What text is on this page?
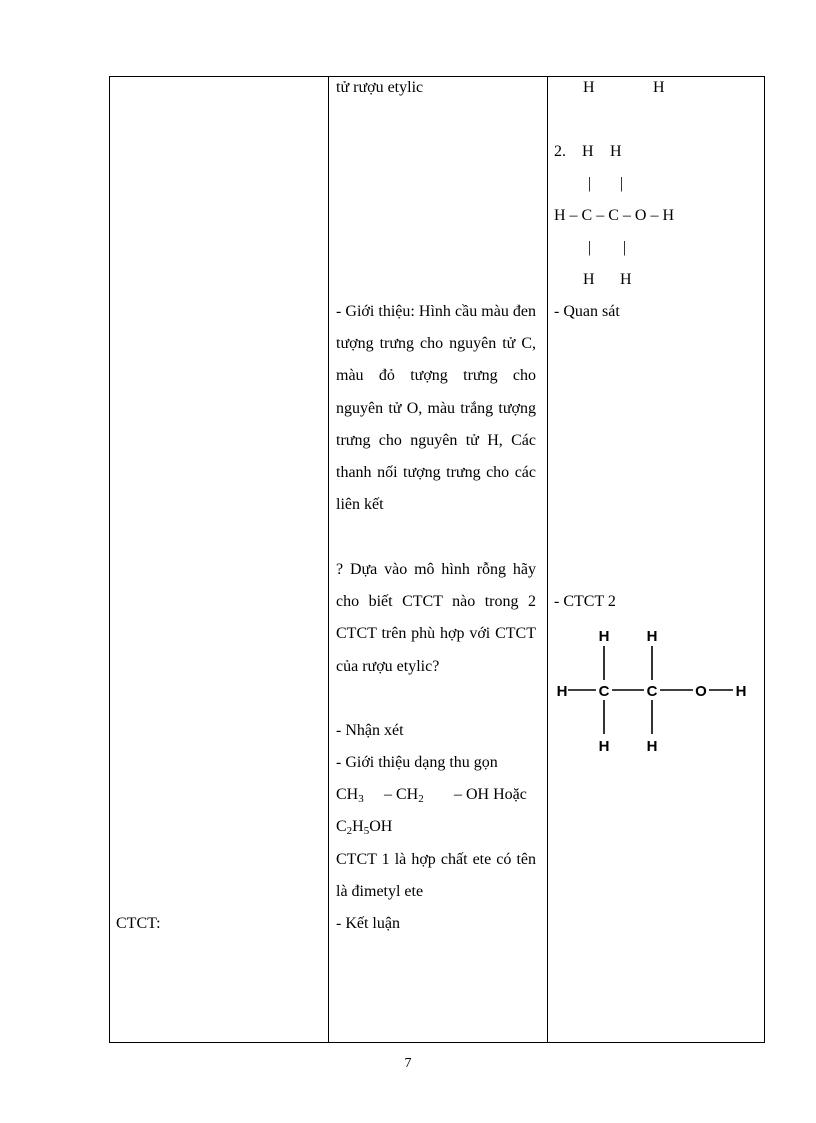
CTCT:
tử rượu etylic
- Giới thiệu: Hình cầu màu đen tượng trưng cho nguyên tử C, màu đỏ tượng trưng cho nguyên tử O, màu trắng tượng trưng cho nguyên tử H, Các thanh nối tượng trưng cho các liên kết
? Dựa vào mô hình rỗng hãy cho biết CTCT nào trong 2 CTCT trên phù hợp với CTCT của rượu etylic?
- Nhận xét
- Giới thiệu dạng thu gọn
$CH_3 - CH_2$ – OH Hoặc
$C_2H_5OH$
CTCT 1 là hợp chất ete có tên là đimetyl ete
- Kết luận
H	H
2. H H
| |
H – C – C – O – H
| |
H H
- Quan sát
- CTCT 2
H H
H C C	O H
H H
7
